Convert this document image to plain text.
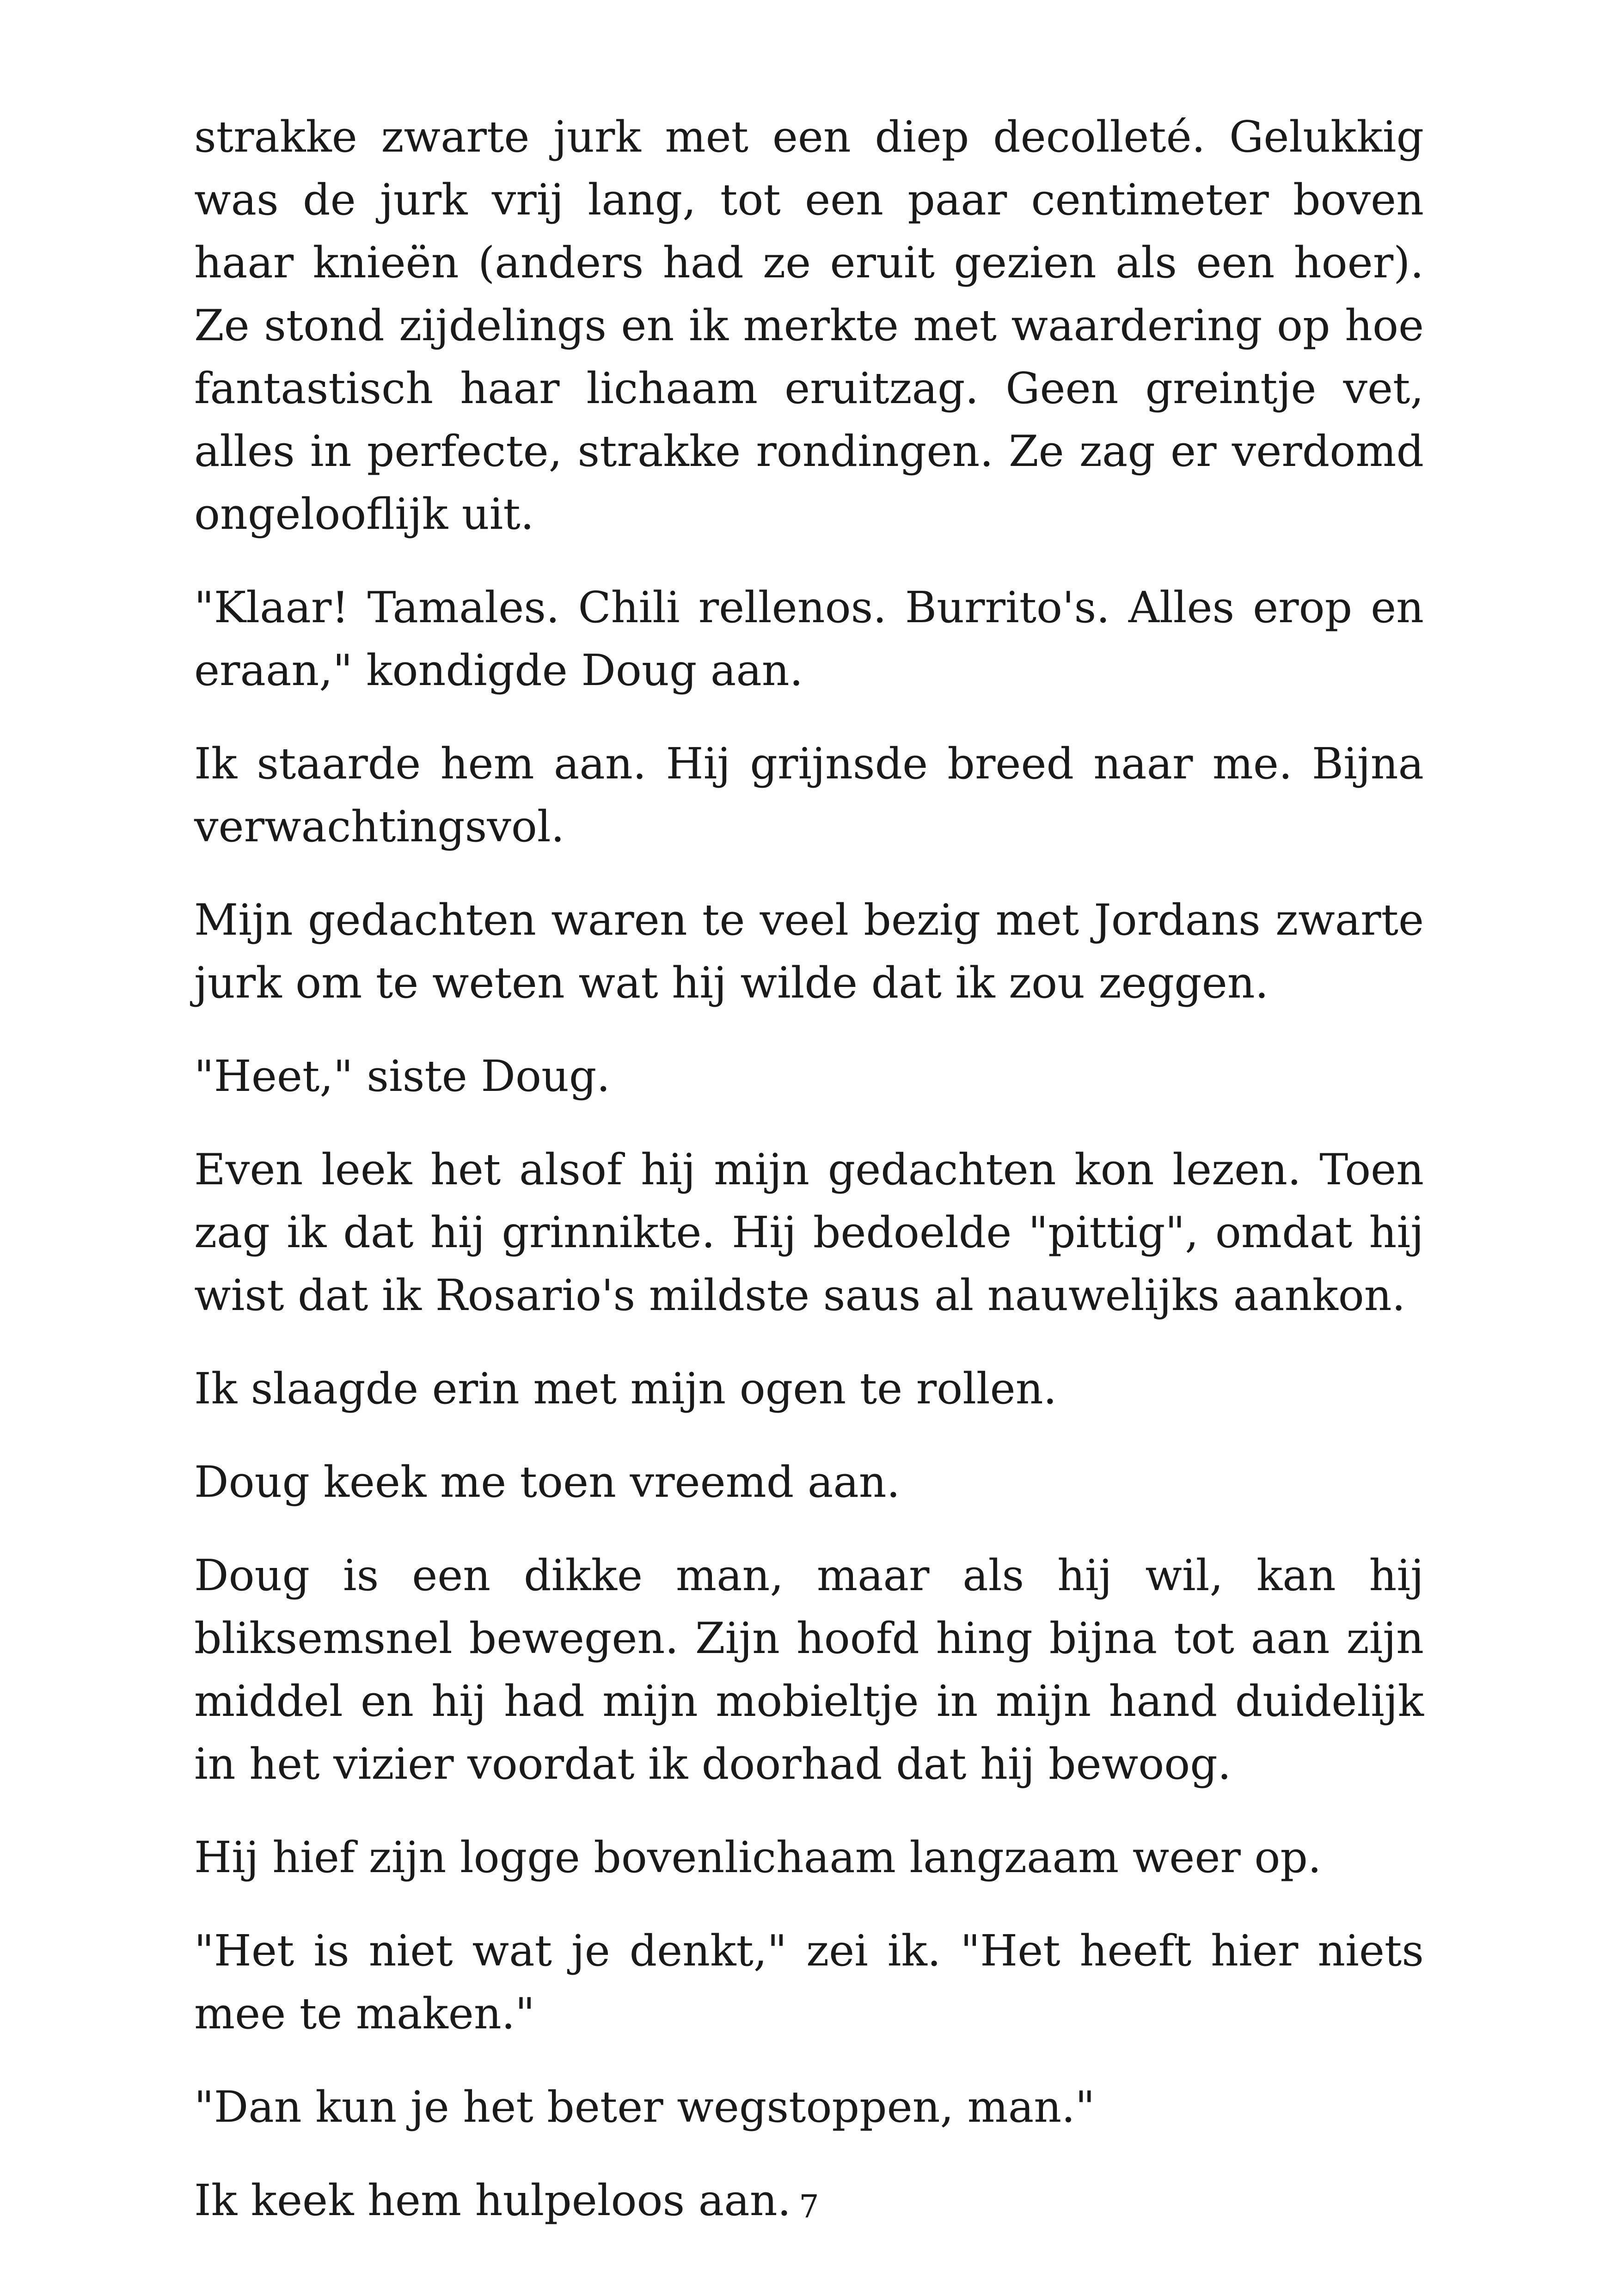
strakke zwarte jurk met een diep decolleté. Gelukkig was de jurk vrij lang, tot een paar centimeter boven haar knieën (anders had ze eruit gezien als een hoer). Ze stond zijdelings en ik merkte met waardering op hoe fantastisch haar lichaam eruitzag. Geen greintje vet, alles in perfecte, strakke rondingen. Ze zag er verdomd ongelooflijk uit.

"Klaar! Tamales. Chili rellenos. Burrito's. Alles erop en eraan," kondigde Doug aan.

Ik staarde hem aan. Hij grijnsde breed naar me. Bijna verwachtingsvol.

Mijn gedachten waren te veel bezig met Jordans zwarte jurk om te weten wat hij wilde dat ik zou zeggen.

"Heet," siste Doug.

Even leek het alsof hij mijn gedachten kon lezen. Toen zag ik dat hij grinnikte. Hij bedoelde "pittig", omdat hij wist dat ik Rosario's mildste saus al nauwelijks aankon.

Ik slaagde erin met mijn ogen te rollen.

Doug keek me toen vreemd aan.

Doug is een dikke man, maar als hij wil, kan hij bliksemsnel bewegen. Zijn hoofd hing bijna tot aan zijn middel en hij had mijn mobieltje in mijn hand duidelijk in het vizier voordat ik doorhad dat hij bewoog.

Hij hief zijn logge bovenlichaam langzaam weer op.

"Het is niet wat je denkt," zei ik. "Het heeft hier niets mee te maken."

"Dan kun je het beter wegstoppen, man."

Ik keek hem hulpeloos aan. 7
